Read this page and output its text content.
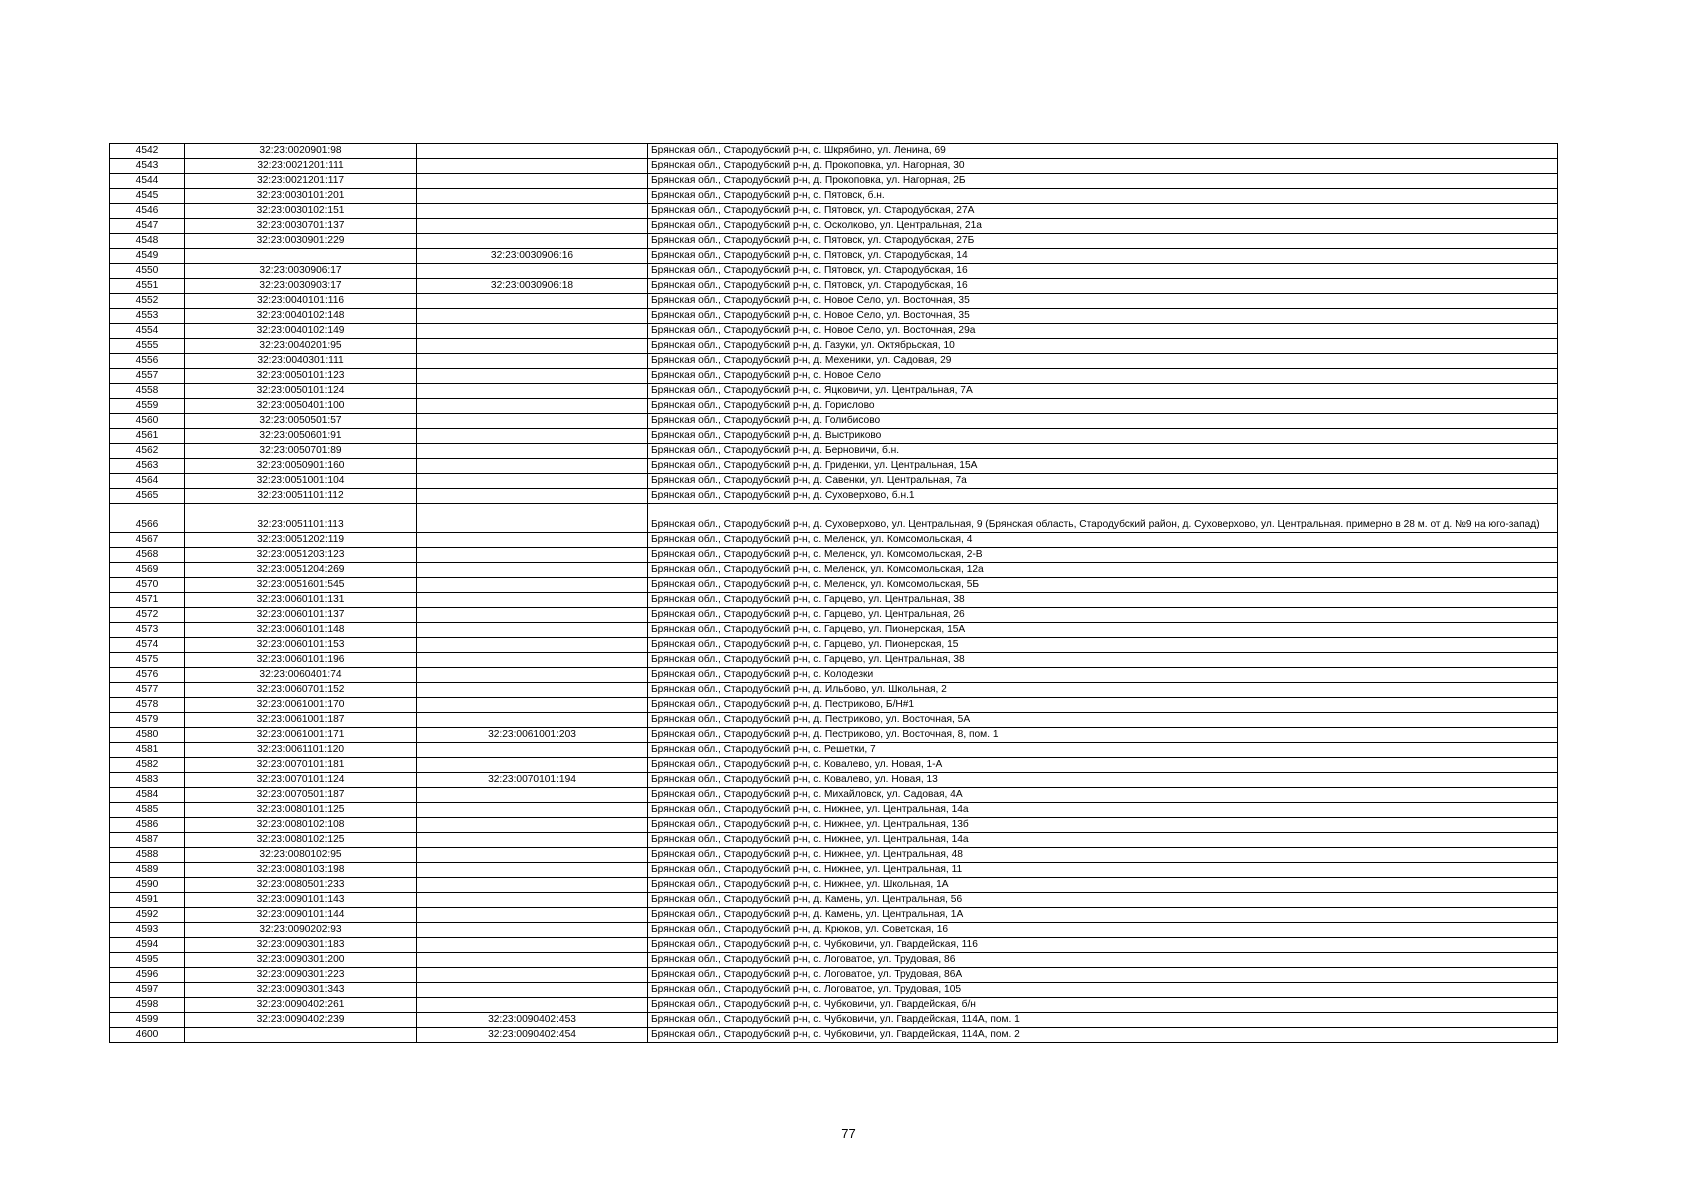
4542	32:23:0020901:98		Брянская обл., Стародубский р-н, с. Шкрябино, ул. Ленина, 69
4543	32:23:0021201:111		Брянская обл., Стародубский р-н, д. Прокоповка, ул. Нагорная, 30
4544	32:23:0021201:117		Брянская обл., Стародубский р-н, д. Прокоповка, ул. Нагорная, 2Б
4545	32:23:0030101:201		Брянская обл., Стародубский р-н, с. Пятовск, б.н.
4546	32:23:0030102:151		Брянская обл., Стародубский р-н, с. Пятовск, ул. Стародубская, 27А
4547	32:23:0030701:137		Брянская обл., Стародубский р-н, с. Осколково, ул. Центральная, 21а
4548	32:23:0030901:229		Брянская обл., Стародубский р-н, с. Пятовск, ул. Стародубская, 27Б
4549		32:23:0030906:16	Брянская обл., Стародубский р-н, с. Пятовск, ул. Стародубская, 14
4550	32:23:0030906:17		Брянская обл., Стародубский р-н, с. Пятовск, ул. Стародубская, 16
4551	32:23:0030903:17	32:23:0030906:18	Брянская обл., Стародубский р-н, с. Пятовск, ул. Стародубская, 16
4552	32:23:0040101:116		Брянская обл., Стародубский р-н, с. Новое Село, ул. Восточная, 35
4553	32:23:0040102:148		Брянская обл., Стародубский р-н, с. Новое Село, ул. Восточная, 35
4554	32:23:0040102:149		Брянская обл., Стародубский р-н, с. Новое Село, ул. Восточная, 29а
4555	32:23:0040201:95		Брянская обл., Стародубский р-н, д. Газуки, ул. Октябрьская, 10
4556	32:23:0040301:111		Брянская обл., Стародубский р-н, д. Мехеники, ул. Садовая, 29
4557	32:23:0050101:123		Брянская обл., Стародубский р-н, с. Новое Село
4558	32:23:0050101:124		Брянская обл., Стародубский р-н, с. Яцковичи, ул. Центральная, 7А
4559	32:23:0050401:100		Брянская обл., Стародубский р-н, д. Горислово
4560	32:23:0050501:57		Брянская обл., Стародубский р-н, д. Голибисово
4561	32:23:0050601:91		Брянская обл., Стародубский р-н, д. Выстриково
4562	32:23:0050701:89		Брянская обл., Стародубский р-н, д. Берновичи, б.н.
4563	32:23:0050901:160		Брянская обл., Стародубский р-н, д. Гриденки, ул. Центральная, 15А
4564	32:23:0051001:104		Брянская обл., Стародубский р-н, д. Савенки, ул. Центральная, 7а
4565	32:23:0051101:112		Брянская обл., Стародубский р-н, д. Суховерхово, б.н.1
4566	32:23:0051101:113		Брянская обл., Стародубский р-н, д. Суховерхово, ул. Центральная, 9 (Брянская область, Стародубский район, д. Суховерхово, ул. Центральная. примерно в 28 м. от д. №9 на юго-запад)
4567	32:23:0051202:119		Брянская обл., Стародубский р-н, с. Меленск, ул. Комсомольская, 4
4568	32:23:0051203:123		Брянская обл., Стародубский р-н, с. Меленск, ул. Комсомольская, 2-В
4569	32:23:0051204:269		Брянская обл., Стародубский р-н, с. Меленск, ул. Комсомольская, 12а
4570	32:23:0051601:545		Брянская обл., Стародубский р-н, с. Меленск, ул. Комсомольская, 5Б
4571	32:23:0060101:131		Брянская обл., Стародубский р-н, с. Гарцево, ул. Центральная, 38
4572	32:23:0060101:137		Брянская обл., Стародубский р-н, с. Гарцево, ул. Центральная, 26
4573	32:23:0060101:148		Брянская обл., Стародубский р-н, с. Гарцево, ул. Пионерская, 15А
4574	32:23:0060101:153		Брянская обл., Стародубский р-н, с. Гарцево, ул. Пионерская, 15
4575	32:23:0060101:196		Брянская обл., Стародубский р-н, с. Гарцево, ул. Центральная, 38
4576	32:23:0060401:74		Брянская обл., Стародубский р-н, с. Колодезки
4577	32:23:0060701:152		Брянская обл., Стародубский р-н, д. Ильбово, ул. Школьная, 2
4578	32:23:0061001:170		Брянская обл., Стародубский р-н, д. Пестриково, Б/Н#1
4579	32:23:0061001:187		Брянская обл., Стародубский р-н, д. Пестриково, ул. Восточная, 5А
4580	32:23:0061001:171	32:23:0061001:203	Брянская обл., Стародубский р-н, д. Пестриково, ул. Восточная, 8, пом. 1
4581	32:23:0061101:120		Брянская обл., Стародубский р-н, с. Решетки, 7
4582	32:23:0070101:181		Брянская обл., Стародубский р-н, с. Ковалево, ул. Новая, 1-А
4583	32:23:0070101:124	32:23:0070101:194	Брянская обл., Стародубский р-н, с. Ковалево, ул. Новая, 13
4584	32:23:0070501:187		Брянская обл., Стародубский р-н, с. Михайловск, ул. Садовая, 4А
4585	32:23:0080101:125		Брянская обл., Стародубский р-н, с. Нижнее, ул. Центральная, 14а
4586	32:23:0080102:108		Брянская обл., Стародубский р-н, с. Нижнее, ул. Центральная, 13б
4587	32:23:0080102:125		Брянская обл., Стародубский р-н, с. Нижнее, ул. Центральная, 14а
4588	32:23:0080102:95		Брянская обл., Стародубский р-н, с. Нижнее, ул. Центральная, 48
4589	32:23:0080103:198		Брянская обл., Стародубский р-н, с. Нижнее, ул. Центральная, 11
4590	32:23:0080501:233		Брянская обл., Стародубский р-н, с. Нижнее, ул. Школьная, 1А
4591	32:23:0090101:143		Брянская обл., Стародубский р-н, д. Камень, ул. Центральная, 56
4592	32:23:0090101:144		Брянская обл., Стародубский р-н, д. Камень, ул. Центральная, 1А
4593	32:23:0090202:93		Брянская обл., Стародубский р-н, д. Крюков, ул. Советская, 16
4594	32:23:0090301:183		Брянская обл., Стародубский р-н, с. Чубковичи, ул. Гвардейская, 116
4595	32:23:0090301:200		Брянская обл., Стародубский р-н, с. Логоватое, ул. Трудовая, 86
4596	32:23:0090301:223		Брянская обл., Стародубский р-н, с. Логоватое, ул. Трудовая, 86А
4597	32:23:0090301:343		Брянская обл., Стародубский р-н, с. Логоватое, ул. Трудовая, 105
4598	32:23:0090402:261		Брянская обл., Стародубский р-н, с. Чубковичи, ул. Гвардейская, б/н
4599	32:23:0090402:239	32:23:0090402:453	Брянская обл., Стародубский р-н, с. Чубковичи, ул. Гвардейская, 114А, пом. 1
4600		32:23:0090402:454	Брянская обл., Стародубский р-н, с. Чубковичи, ул. Гвардейская, 114А, пом. 2
77
